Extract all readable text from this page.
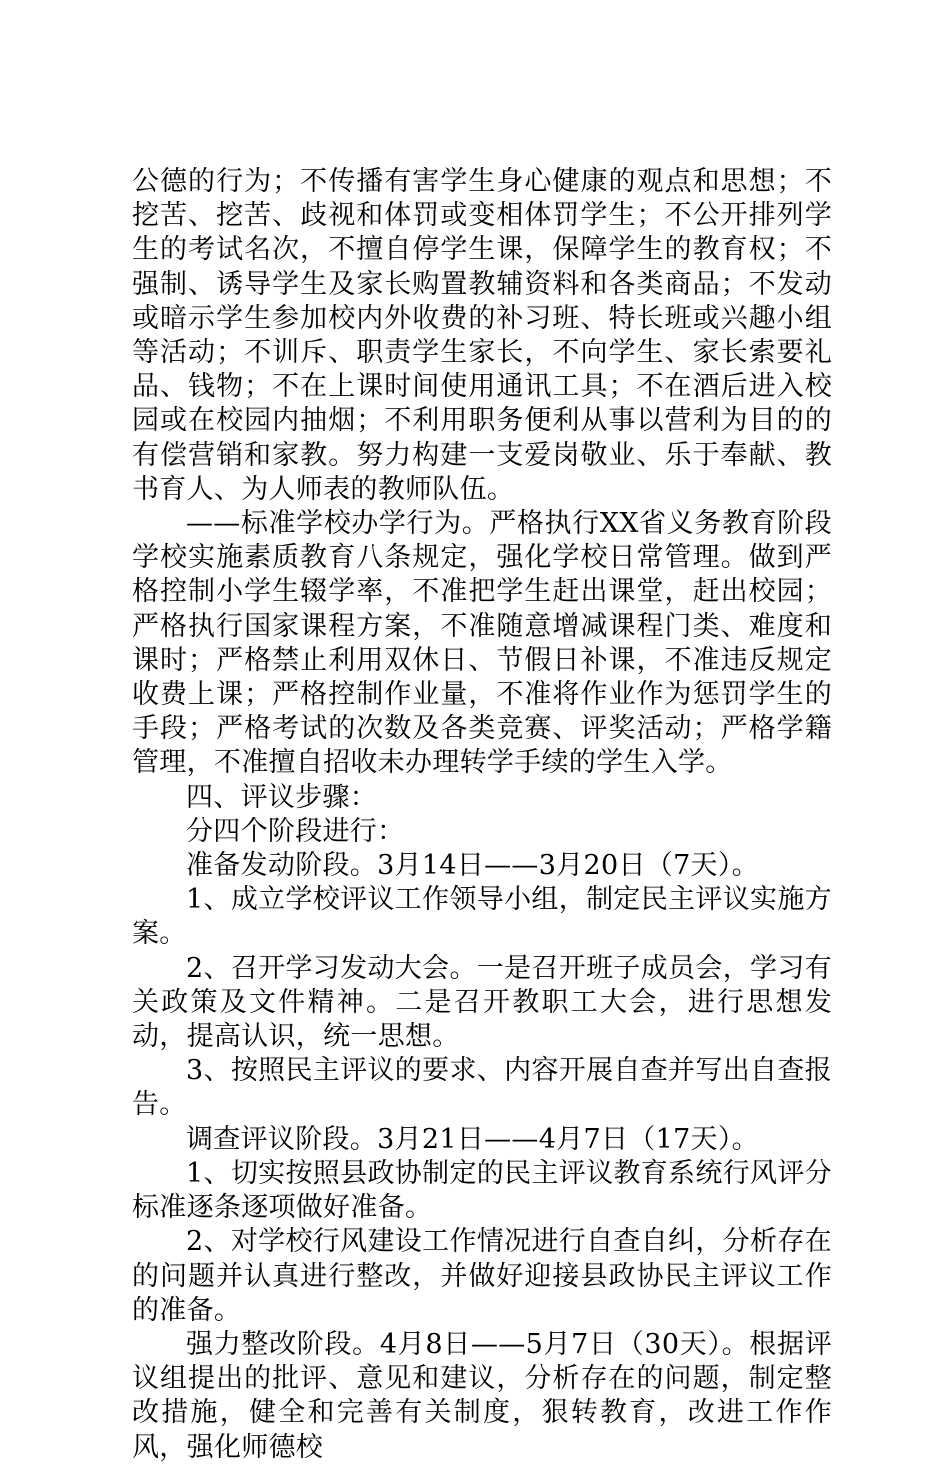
公德的行为；不传播有害学生身心健康的观点和思想；不挖苦、挖苦、歧视和体罚或变相体罚学生；不公开排列学生的考试名次，不擅自停学生课，保障学生的教育权；不强制、诱导学生及家长购置教辅资料和各类商品；不发动或暗示学生参加校内外收费的补习班、特长班或兴趣小组等活动；不训斥、职责学生家长，不向学生、家长索要礼品、钱物；不在上课时间使用通讯工具；不在酒后进入校园或在校园内抽烟；不利用职务便利从事以营利为目的的有偿营销和家教。努力构建一支爱岗敬业、乐于奉献、教书育人、为人师表的教师队伍。

——标准学校办学行为。严格执行XX省义务教育阶段学校实施素质教育八条规定，强化学校日常管理。做到严格控制小学生辍学率，不准把学生赶出课堂，赶出校园；严格执行国家课程方案，不准随意增减课程门类、难度和课时；严格禁止利用双休日、节假日补课，不准违反规定收费上课；严格控制作业量，不准将作业作为惩罚学生的手段；严格考试的次数及各类竞赛、评奖活动；严格学籍管理，不准擅自招收未办理转学手续的学生入学。

四、评议步骤：

分四个阶段进行：

准备发动阶段。3月14日——3月20日（7天）。

1、成立学校评议工作领导小组，制定民主评议实施方案。

2、召开学习发动大会。一是召开班子成员会，学习有关政策及文件精神。二是召开教职工大会，进行思想发动，提高认识，统一思想。

3、按照民主评议的要求、内容开展自查并写出自查报告。

调查评议阶段。3月21日——4月7日（17天）。

1、切实按照县政协制定的民主评议教育系统行风评分标准逐条逐项做好准备。

2、对学校行风建设工作情况进行自查自纠，分析存在的问题并认真进行整改，并做好迎接县政协民主评议工作的准备。

强力整改阶段。4月8日——5月7日（30天）。根据评议组提出的批评、意见和建议，分析存在的问题，制定整改措施，健全和完善有关制度，狠转教育，改进工作作风，强化师德校
